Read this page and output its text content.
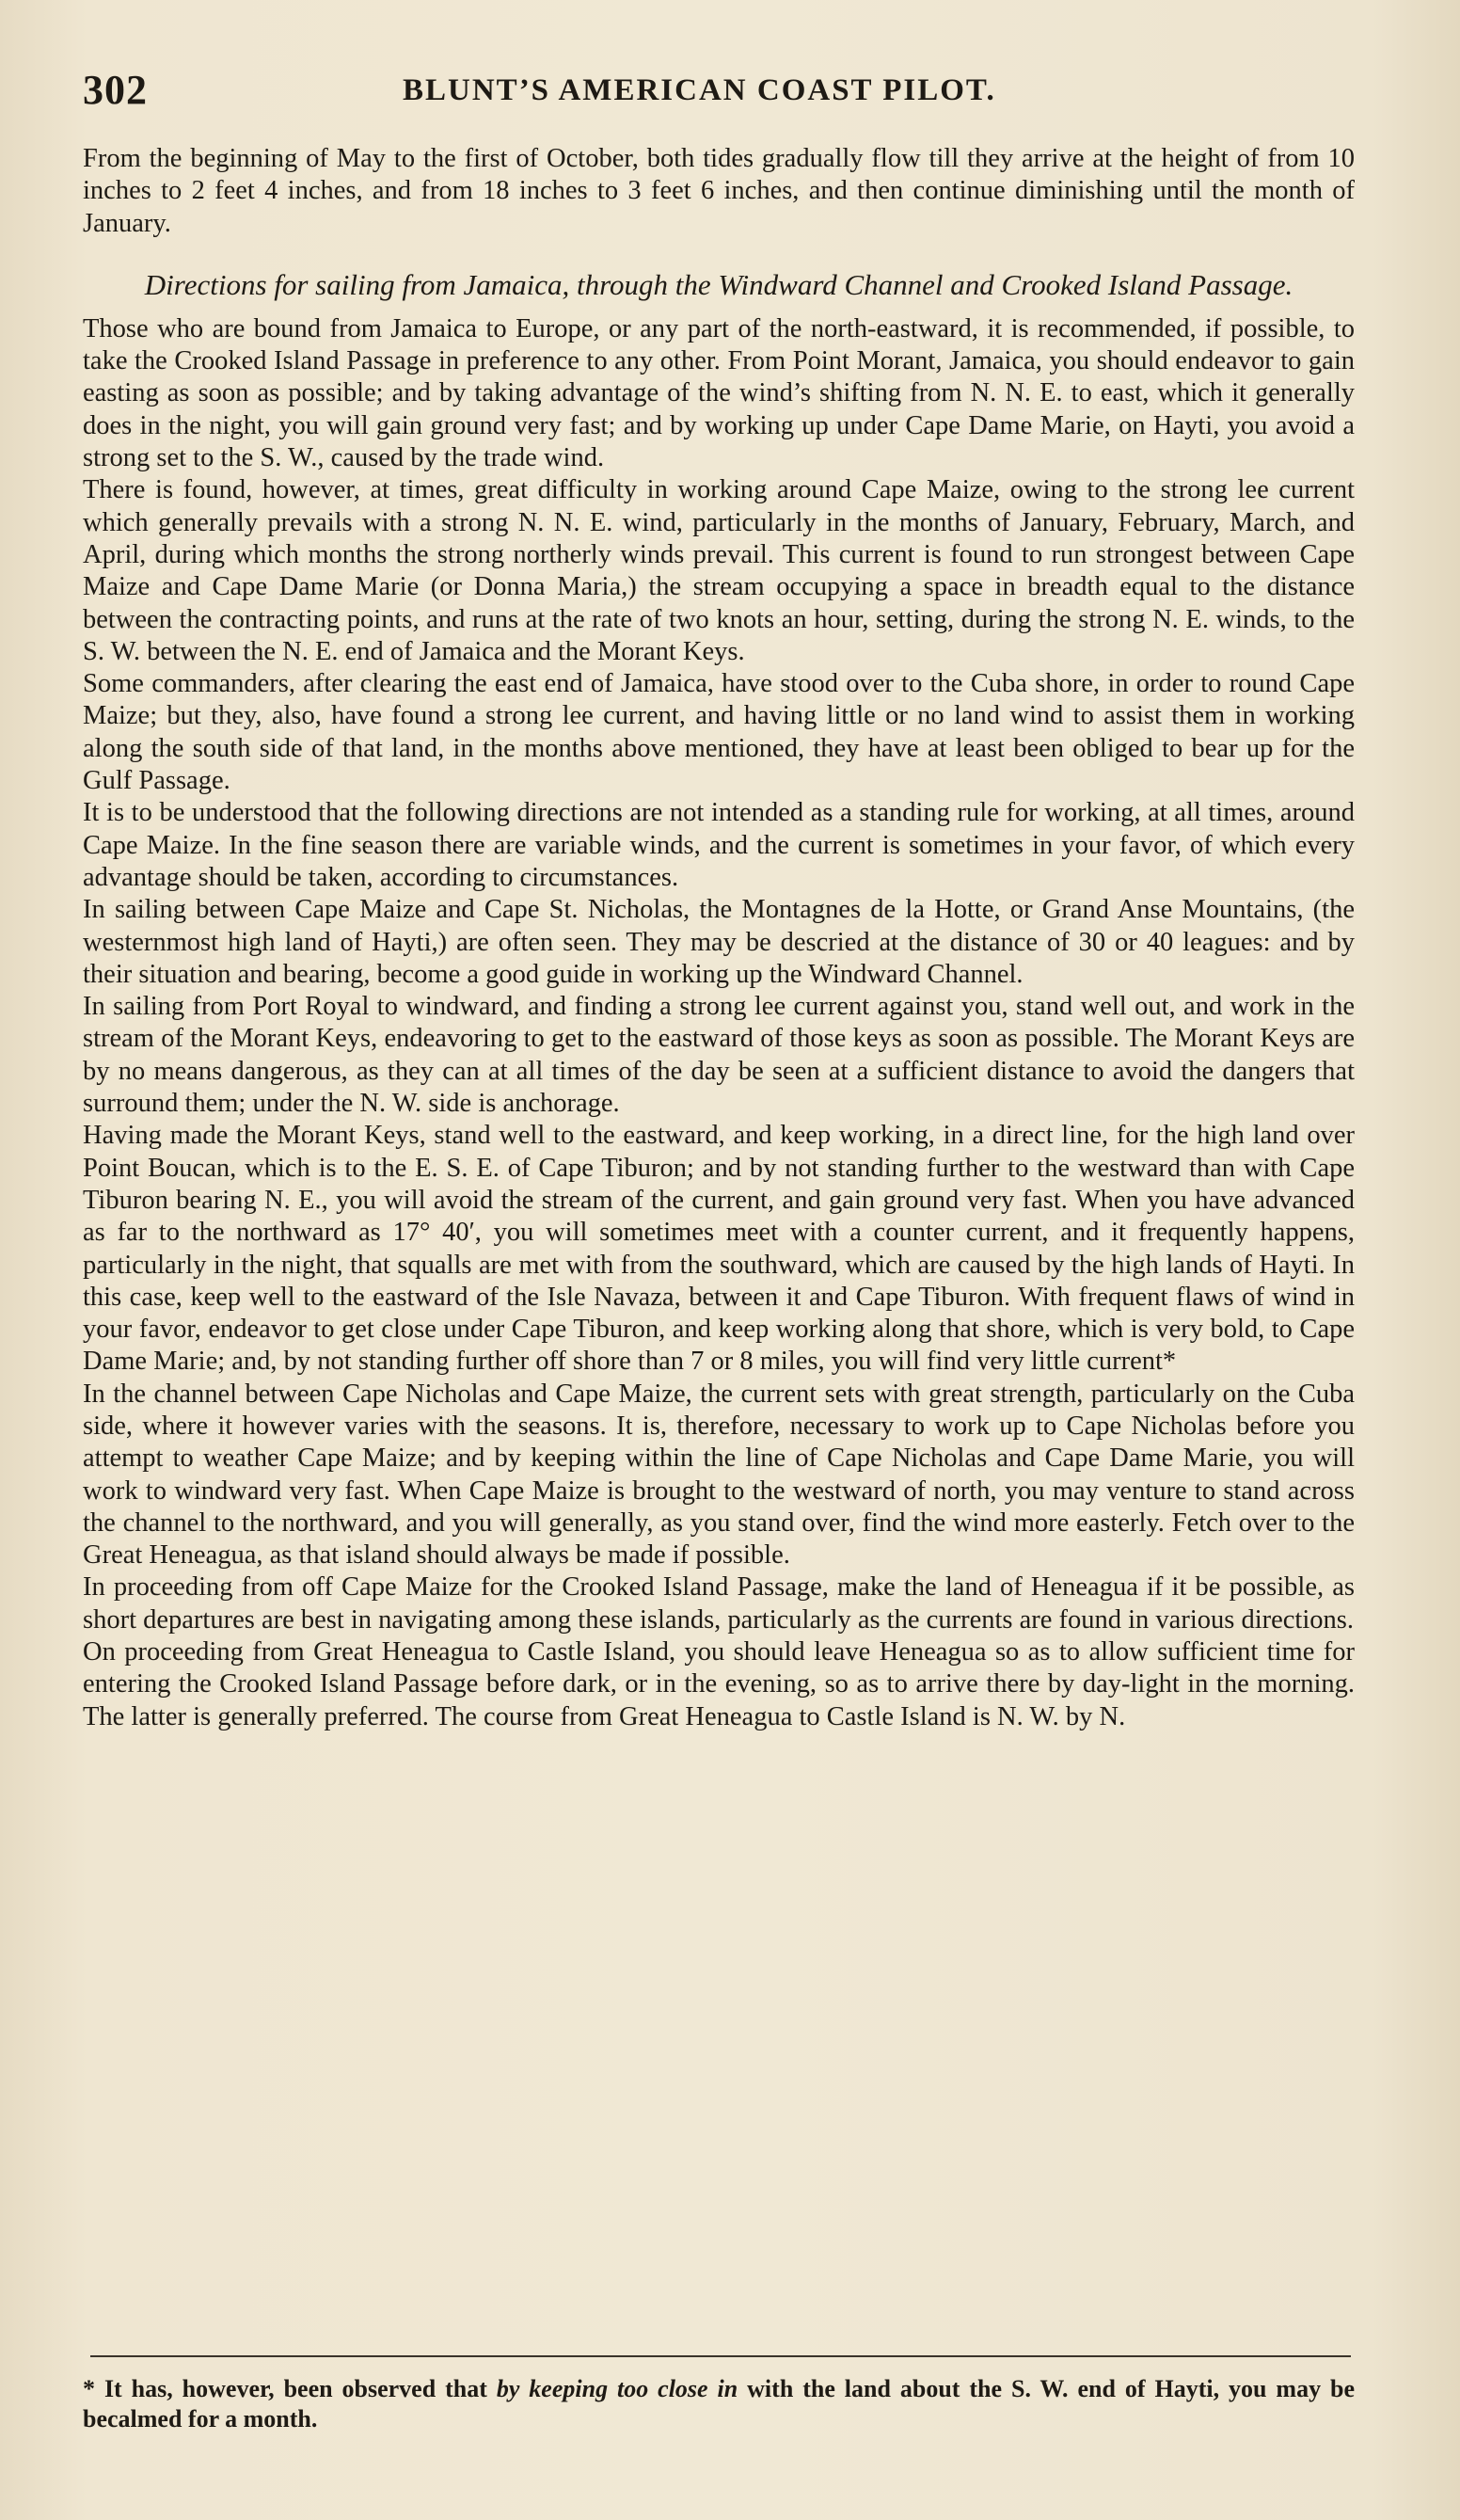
302	BLUNT’S AMERICAN COAST PILOT.

From the beginning of May to the first of October, both tides gradually flow till they arrive at the height of from 10 inches to 2 feet 4 inches, and from 18 inches to 3 feet 6 inches, and then continue diminishing until the month of January.

Directions for sailing from Jamaica, through the Windward Channel and Crooked Island Passage.

Those who are bound from Jamaica to Europe, or any part of the north-eastward, it is recommended, if possible, to take the Crooked Island Passage in preference to any other. From Point Morant, Jamaica, you should endeavor to gain easting as soon as possible; and by taking advantage of the wind’s shifting from N. N. E. to east, which it generally does in the night, you will gain ground very fast; and by working up under Cape Dame Marie, on Hayti, you avoid a strong set to the S. W., caused by the trade wind.

There is found, however, at times, great difficulty in working around Cape Maize, owing to the strong lee current which generally prevails with a strong N. N. E. wind, particularly in the months of January, February, March, and April, during which months the strong northerly winds prevail. This current is found to run strongest between Cape Maize and Cape Dame Marie (or Donna Maria,) the stream occupying a space in breadth equal to the distance between the contracting points, and runs at the rate of two knots an hour, setting, during the strong N. E. winds, to the S. W. between the N. E. end of Jamaica and the Morant Keys.

Some commanders, after clearing the east end of Jamaica, have stood over to the Cuba shore, in order to round Cape Maize; but they, also, have found a strong lee current, and having little or no land wind to assist them in working along the south side of that land, in the months above mentioned, they have at least been obliged to bear up for the Gulf Passage.

It is to be understood that the following directions are not intended as a standing rule for working, at all times, around Cape Maize. In the fine season there are variable winds, and the current is sometimes in your favor, of which every advantage should be taken, according to circumstances.

In sailing between Cape Maize and Cape St. Nicholas, the Montagnes de la Hotte, or Grand Anse Mountains, (the westernmost high land of Hayti,) are often seen. They may be descried at the distance of 30 or 40 leagues: and by their situation and bearing, become a good guide in working up the Windward Channel.

In sailing from Port Royal to windward, and finding a strong lee current against you, stand well out, and work in the stream of the Morant Keys, endeavoring to get to the eastward of those keys as soon as possible. The Morant Keys are by no means dangerous, as they can at all times of the day be seen at a sufficient distance to avoid the dangers that surround them; under the N. W. side is anchorage.

Having made the Morant Keys, stand well to the eastward, and keep working, in a direct line, for the high land over Point Boucan, which is to the E. S. E. of Cape Tiburon; and by not standing further to the westward than with Cape Tiburon bearing N. E., you will avoid the stream of the current, and gain ground very fast. When you have advanced as far to the northward as 17° 40′, you will sometimes meet with a counter current, and it frequently happens, particularly in the night, that squalls are met with from the southward, which are caused by the high lands of Hayti. In this case, keep well to the eastward of the Isle Navaza, between it and Cape Tiburon. With frequent flaws of wind in your favor, endeavor to get close under Cape Tiburon, and keep working along that shore, which is very bold, to Cape Dame Marie; and, by not standing further off shore than 7 or 8 miles, you will find very little current*

In the channel between Cape Nicholas and Cape Maize, the current sets with great strength, particularly on the Cuba side, where it however varies with the seasons. It is, therefore, necessary to work up to Cape Nicholas before you attempt to weather Cape Maize; and by keeping within the line of Cape Nicholas and Cape Dame Marie, you will work to windward very fast. When Cape Maize is brought to the westward of north, you may venture to stand across the channel to the northward, and you will generally, as you stand over, find the wind more easterly. Fetch over to the Great Heneagua, as that island should always be made if possible.

In proceeding from off Cape Maize for the Crooked Island Passage, make the land of Heneagua if it be possible, as short departures are best in navigating among these islands, particularly as the currents are found in various directions.

On proceeding from Great Heneagua to Castle Island, you should leave Heneagua so as to allow sufficient time for entering the Crooked Island Passage before dark, or in the evening, so as to arrive there by day-light in the morning. The latter is generally preferred. The course from Great Heneagua to Castle Island is N. W. by N.

* It has, however, been observed that by keeping too close in with the land about the S. W. end of Hayti, you may be becalmed for a month.
